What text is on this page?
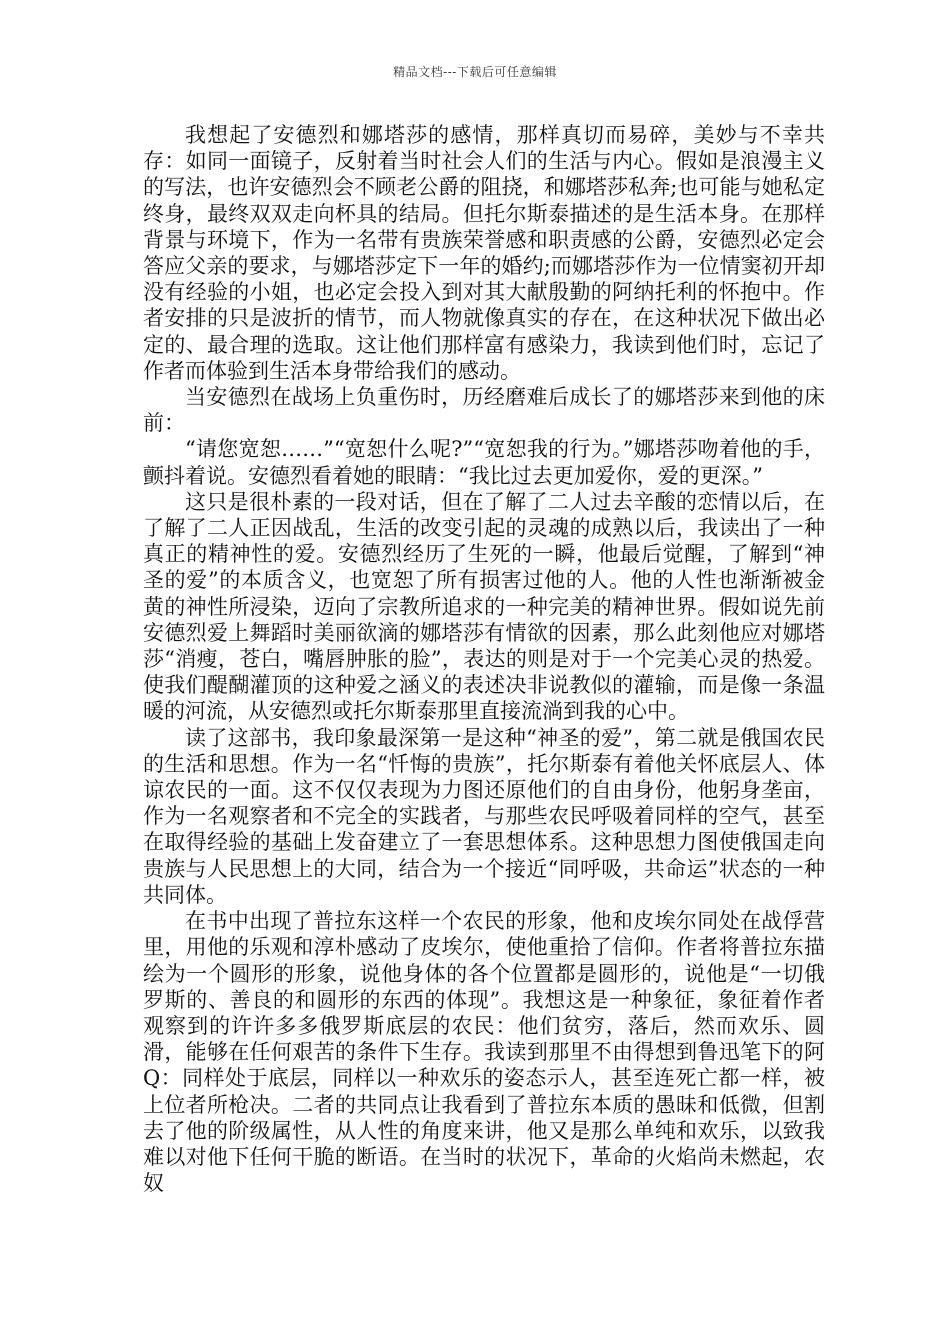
精品文档---下载后可任意编辑

我想起了安德烈和娜塔莎的感情，那样真切而易碎，美妙与不幸共存：如同一面镜子，反射着当时社会人们的生活与内心。假如是浪漫主义的写法，也许安德烈会不顾老公爵的阻挠，和娜塔莎私奔;也可能与她私定终身，最终双双走向杯具的结局。但托尔斯泰描述的是生活本身。在那样背景与环境下，作为一名带有贵族荣誉感和职责感的公爵，安德烈必定会答应父亲的要求，与娜塔莎定下一年的婚约;而娜塔莎作为一位情窦初开却没有经验的小姐，也必定会投入到对其大献殷勤的阿纳托利的怀抱中。作者安排的只是波折的情节，而人物就像真实的存在，在这种状况下做出必定的、最合理的选取。这让他们那样富有感染力，我读到他们时，忘记了作者而体验到生活本身带给我们的感动。

当安德烈在战场上负重伤时，历经磨难后成长了的娜塔莎来到他的床前：

“请您宽恕……”“宽恕什么呢?”“宽恕我的行为。”娜塔莎吻着他的手，颤抖着说。安德烈看着她的眼睛：“我比过去更加爱你，爱的更深。”

这只是很朴素的一段对话，但在了解了二人过去辛酸的恋情以后，在了解了二人正因战乱，生活的改变引起的灵魂的成熟以后，我读出了一种真正的精神性的爱。安德烈经历了生死的一瞬，他最后觉醒，了解到“神圣的爱”的本质含义，也宽恕了所有损害过他的人。他的人性也渐渐被金黄的神性所浸染，迈向了宗教所追求的一种完美的精神世界。假如说先前安德烈爱上舞蹈时美丽欲滴的娜塔莎有情欲的因素，那么此刻他应对娜塔莎“消瘦，苍白，嘴唇肿胀的脸”，表达的则是对于一个完美心灵的热爱。使我们醍醐灌顶的这种爱之涵义的表述决非说教似的灌输，而是像一条温暖的河流，从安德烈或托尔斯泰那里直接流淌到我的心中。

读了这部书，我印象最深第一是这种“神圣的爱”，第二就是俄国农民的生活和思想。作为一名“忏悔的贵族”，托尔斯泰有着他关怀底层人、体谅农民的一面。这不仅仅表现为力图还原他们的自由身份，他躬身垄亩，作为一名观察者和不完全的实践者，与那些农民呼吸着同样的空气，甚至在取得经验的基础上发奋建立了一套思想体系。这种思想力图使俄国走向贵族与人民思想上的大同，结合为一个接近“同呼吸，共命运”状态的一种共同体。

在书中出现了普拉东这样一个农民的形象，他和皮埃尔同处在战俘营里，用他的乐观和淳朴感动了皮埃尔，使他重拾了信仰。作者将普拉东描绘为一个圆形的形象，说他身体的各个位置都是圆形的，说他是“一切俄罗斯的、善良的和圆形的东西的体现”。我想这是一种象征，象征着作者观察到的许许多多俄罗斯底层的农民：他们贫穷，落后，然而欢乐、圆滑，能够在任何艰苦的条件下生存。我读到那里不由得想到鲁迅笔下的阿Q：同样处于底层，同样以一种欢乐的姿态示人，甚至连死亡都一样，被上位者所枪决。二者的共同点让我看到了普拉东本质的愚昧和低微，但割去了他的阶级属性，从人性的角度来讲，他又是那么单纯和欢乐，以致我难以对他下任何干脆的断语。在当时的状况下，革命的火焰尚未燃起，农奴
